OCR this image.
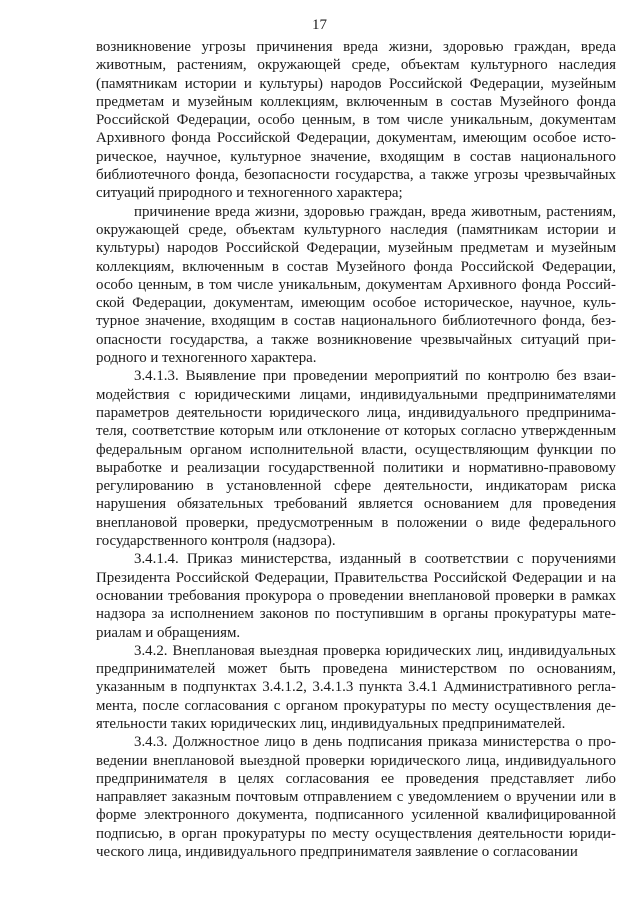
17

возникновение угрозы причинения вреда жизни, здоровью граждан, вреда животным, растениям, окружающей среде, объектам культурного наследия (памятникам истории и культуры) народов Российской Федерации, музейным предметам и музейным коллекциям, включенным в состав Музейного фонда Российской Федерации, особо ценным, в том числе уникальным, документам Архивного фонда Российской Федерации, документам, имеющим особое историческое, научное, культурное значение, входящим в состав национального библиотечного фонда, безопасности государства, а также угрозы чрезвычайных ситуаций природного и техногенного характера;

причинение вреда жизни, здоровью граждан, вреда животным, растениям, окружающей среде, объектам культурного наследия (памятникам истории и культуры) народов Российской Федерации, музейным предметам и музейным коллекциям, включенным в состав Музейного фонда Российской Федерации, особо ценным, в том числе уникальным, документам Архивного фонда Российской Федерации, документам, имеющим особое историческое, научное, культурное значение, входящим в состав национального библиотечного фонда, безопасности государства, а также возникновение чрезвычайных ситуаций природного и техногенного характера.

3.4.1.3. Выявление при проведении мероприятий по контролю без взаимодействия с юридическими лицами, индивидуальными предпринимателями параметров деятельности юридического лица, индивидуального предпринимателя, соответствие которым или отклонение от которых согласно утвержденным федеральным органом исполнительной власти, осуществляющим функции по выработке и реализации государственной политики и нормативно-правовому регулированию в установленной сфере деятельности, индикаторам риска нарушения обязательных требований является основанием для проведения внеплановой проверки, предусмотренным в положении о виде федерального государственного контроля (надзора).

3.4.1.4. Приказ министерства, изданный в соответствии с поручениями Президента Российской Федерации, Правительства Российской Федерации и на основании требования прокурора о проведении внеплановой проверки в рамках надзора за исполнением законов по поступившим в органы прокуратуры материалам и обращениям.

3.4.2. Внеплановая выездная проверка юридических лиц, индивидуальных предпринимателей может быть проведена министерством по основаниям, указанным в подпунктах 3.4.1.2, 3.4.1.3 пункта 3.4.1 Административного регламента, после согласования с органом прокуратуры по месту осуществления деятельности таких юридических лиц, индивидуальных предпринимателей.

3.4.3. Должностное лицо в день подписания приказа министерства о проведении внеплановой выездной проверки юридического лица, индивидуального предпринимателя в целях согласования ее проведения представляет либо направляет заказным почтовым отправлением с уведомлением о вручении или в форме электронного документа, подписанного усиленной квалифицированной подписью, в орган прокуратуры по месту осуществления деятельности юридического лица, индивидуального предпринимателя заявление о согласовании
